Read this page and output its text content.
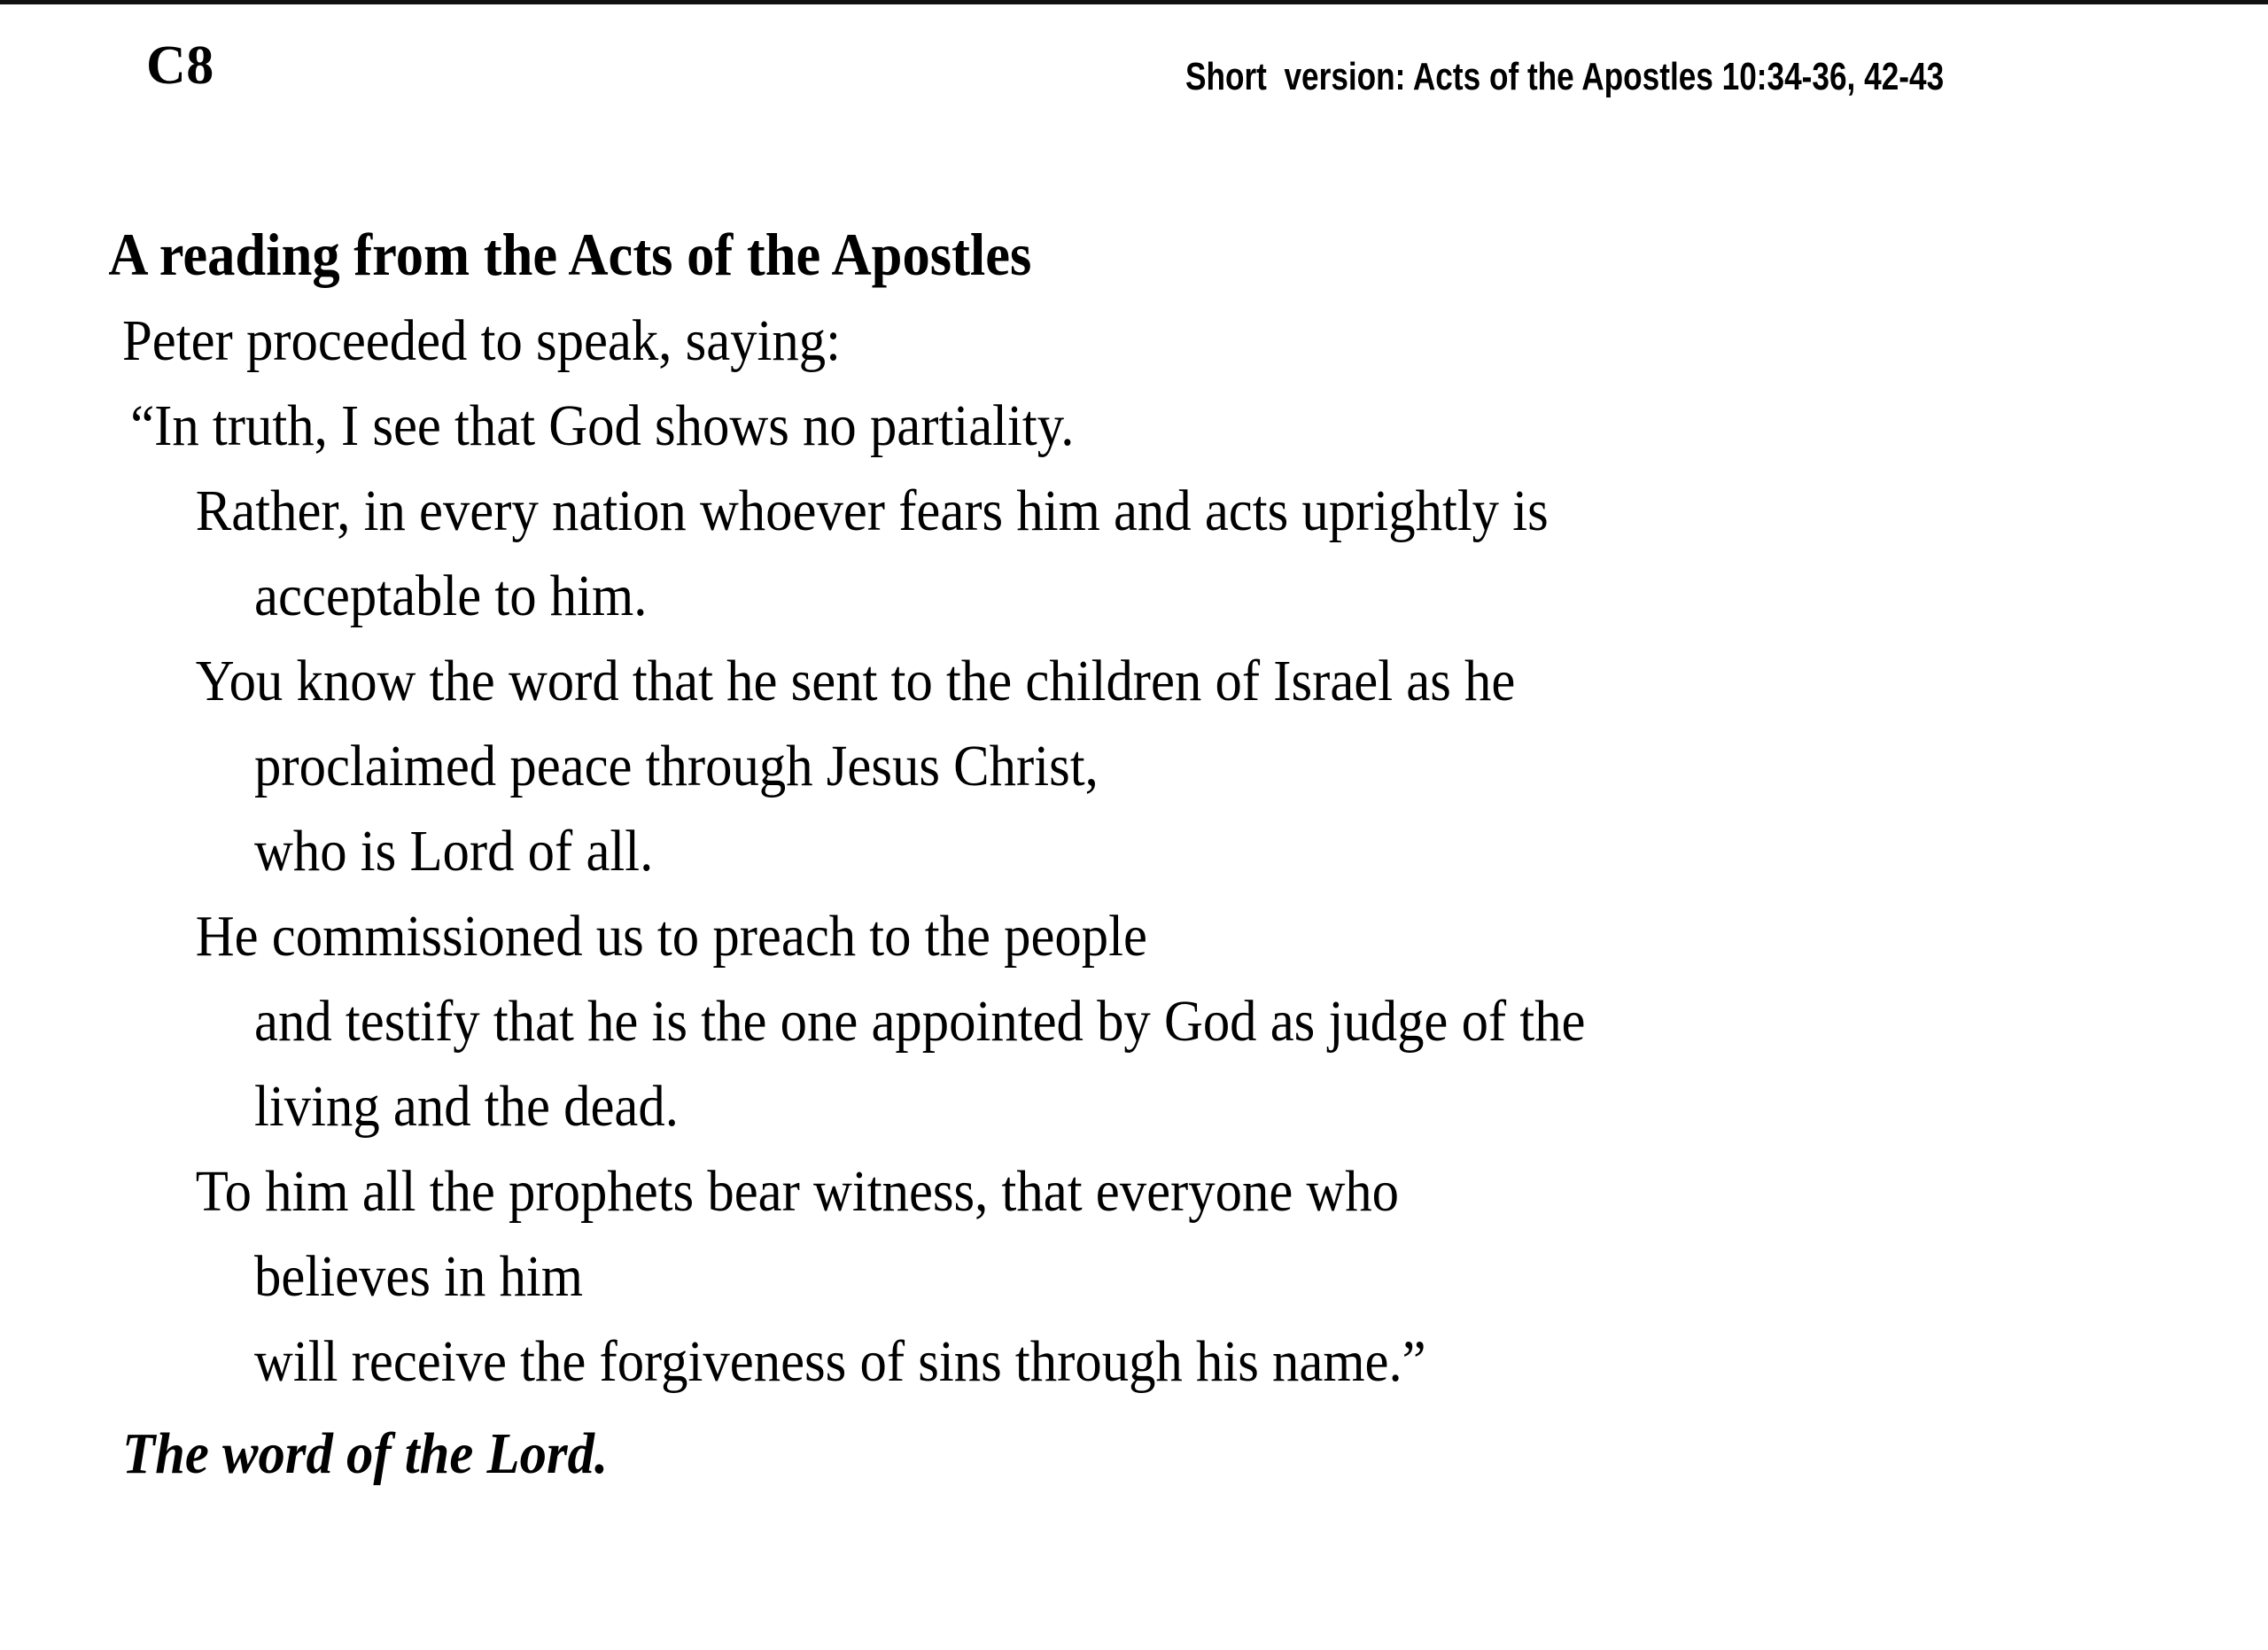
C8	Short  version: Acts of the Apostles 10:34-36, 42-43
A reading from the Acts of the Apostles
Peter proceeded to speak, saying:
“In truth, I see that God shows no partiality.
Rather, in every nation whoever fears him and acts uprightly is
acceptable to him.
You know the word that he sent to the children of Israel as he
proclaimed peace through Jesus Christ,
who is Lord of all.
He commissioned us to preach to the people
and testify that he is the one appointed by God as judge of the
living and the dead.
To him all the prophets bear witness, that everyone who
believes in him
will receive the forgiveness of sins through his name.”
The word of the Lord.
